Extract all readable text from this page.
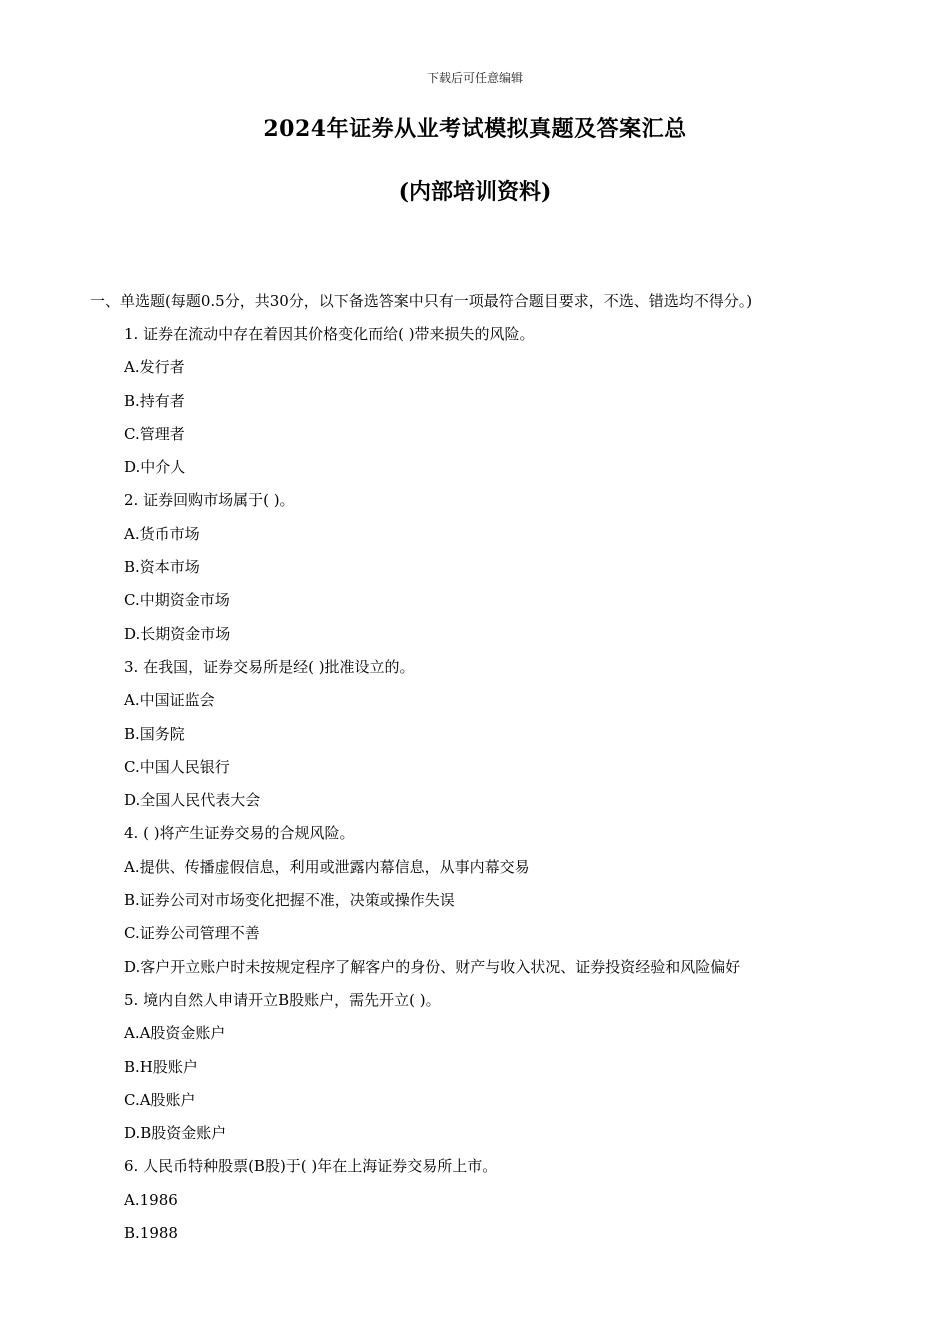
下载后可任意编辑
2024年证券从业考试模拟真题及答案汇总
(内部培训资料)
一、单选题(每题0.5分，共30分，以下备选答案中只有一项最符合题目要求，不选、错选均不得分。)
1. 证券在流动中存在着因其价格变化而给( )带来损失的风险。
A.发行者
B.持有者
C.管理者
D.中介人
2. 证券回购市场属于( )。
A.货币市场
B.资本市场
C.中期资金市场
D.长期资金市场
3. 在我国，证券交易所是经( )批准设立的。
A.中国证监会
B.国务院
C.中国人民银行
D.全国人民代表大会
4. ( )将产生证券交易的合规风险。
A.提供、传播虚假信息，利用或泄露内幕信息，从事内幕交易
B.证券公司对市场变化把握不准，决策或操作失误
C.证券公司管理不善
D.客户开立账户时未按规定程序了解客户的身份、财产与收入状况、证券投资经验和风险偏好
5. 境内自然人申请开立B股账户，需先开立( )。
A.A股资金账户
B.H股账户
C.A股账户
D.B股资金账户
6. 人民币特种股票(B股)于( )年在上海证券交易所上市。
A.1986
B.1988
